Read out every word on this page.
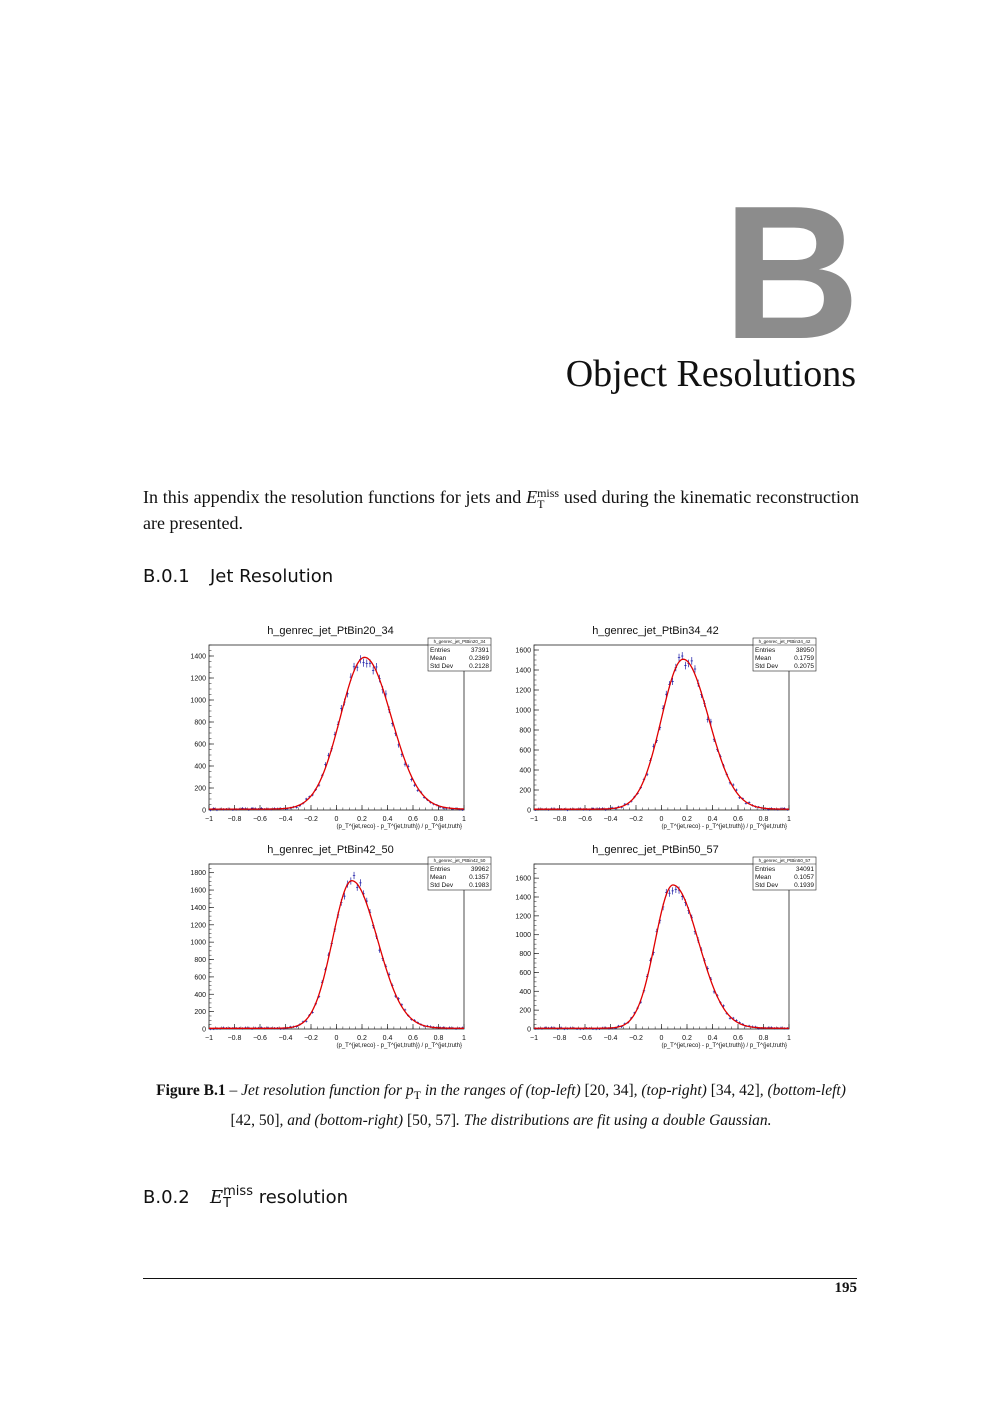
B
Object Resolutions

In this appendix the resolution functions for jets and E miss
T used during the kinematic reconstruction are presented.

B.0.1 Jet Resolution
h_genrec_jet_PtBin20_34
0
200
400
600
800
1000
1200
1400
−1 −0.8 −0.6 −0.4 −0.2 0	0.2 0.4 0.6 0.8	1
(p_T^{jet,reco} - p_T^{jet,truth}) / p_T^{jet,truth}
h_genrec_jet_PtBin20_34
Entries	37391
Mean	0.2369
Std Dev 0.2128
h_genrec_jet_PtBin34_42
0
200
400
600
800
1000
1200
1400
1600
−1 −0.8 −0.6 −0.4 −0.2 0	0.2 0.4 0.6 0.8	1
(p_T^{jet,reco} - p_T^{jet,truth}) / p_T^{jet,truth}
h_genrec_jet_PtBin34_42
Entries	38950
Mean	0.1759
Std Dev 0.2075
h_genrec_jet_PtBin42_50
0
200
400
600
800
1000
1200
1400
1600
1800
−1 −0.8 −0.6 −0.4 −0.2 0	0.2 0.4 0.6 0.8	1
(p_T^{jet,reco} - p_T^{jet,truth}) / p_T^{jet,truth}
h_genrec_jet_PtBin42_50
Entries	39962
Mean	0.1357
Std Dev 0.1983
h_genrec_jet_PtBin50_57
0
200
400
600
800
1000
1200
1400
1600
−1 −0.8 −0.6 −0.4 −0.2 0	0.2 0.4 0.6 0.8	1
(p_T^{jet,reco} - p_T^{jet,truth}) / p_T^{jet,truth}
h_genrec_jet_PtBin50_57
Entries	34091
Mean	0.1057
Std Dev 0.1939
Figure B.1 – Jet resolution function for $p_T$ in the ranges of (top-left) [20, 34], (top-right) [34, 42], (bottom-left) [42, 50], and (bottom-right) [50, 57]. The distributions are fit using a double Gaussian.
B.0.2 E miss
T	resolution
195
